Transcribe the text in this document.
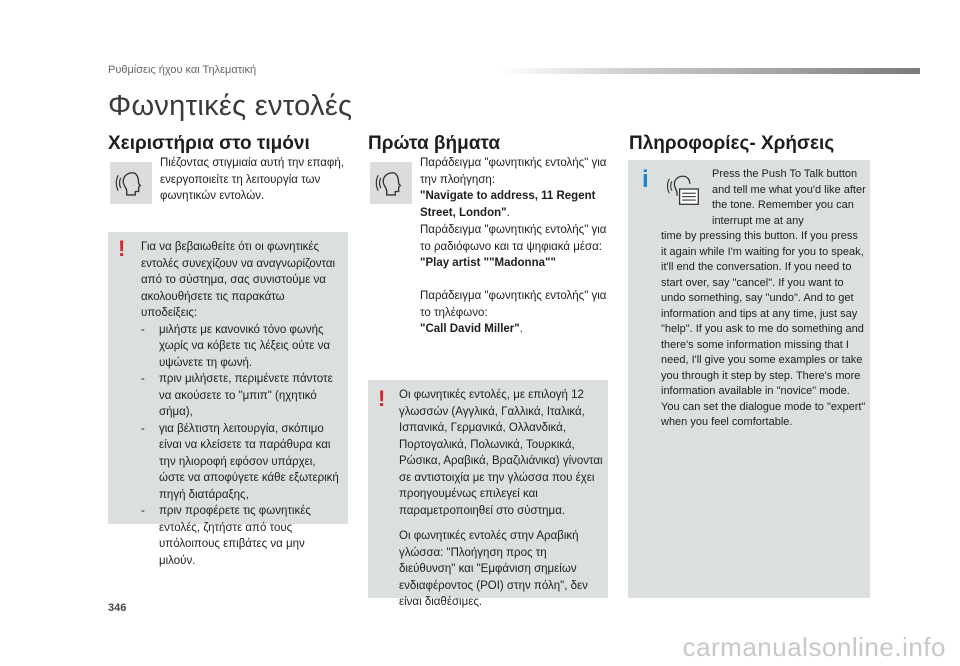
Ρυθμίσεις ήχου και Τηλεματική
Φωνητικές εντολές
Χειριστήρια στο τιμόνι
Πιέζοντας στιγμιαία αυτή την επαφή, ενεργοποιείτε τη λειτουργία των φωνητικών εντολών.
! Για να βεβαιωθείτε ότι οι φωνητικές εντολές συνεχίζουν να αναγνωρίζονται από το σύστημα, σας συνιστούμε να ακολουθήσετε τις παρακάτω υποδείξεις:
- μιλήστε με κανονικό τόνο φωνής χωρίς να κόβετε τις λέξεις ούτε να υψώνετε τη φωνή.
- πριν μιλήσετε, περιμένετε πάντοτε να ακούσετε το "μπιπ" (ηχητικό σήμα),
- για βέλτιστη λειτουργία, σκόπιμο είναι να κλείσετε τα παράθυρα και την ηλιοροφή εφόσον υπάρχει, ώστε να αποφύγετε κάθε εξωτερική πηγή διατάραξης,
- πριν προφέρετε τις φωνητικές εντολές, ζητήστε από τους υπόλοιπους επιβάτες να μην μιλούν.
Πρώτα βήματα
Παράδειγμα "φωνητικής εντολής" για την πλοήγηση:
"Navigate to address, 11 Regent Street, London".
Παράδειγμα "φωνητικής εντολής" για το ραδιόφωνο και τα ψηφιακά μέσα:
"Play artist ""Madonna""
Παράδειγμα "φωνητικής εντολής" για το τηλέφωνο:
"Call David Miller".
! Οι φωνητικές εντολές, με επιλογή 12 γλωσσών (Αγγλικά, Γαλλικά, Ιταλικά, Ισπανικά, Γερμανικά, Ολλανδικά, Πορτογαλικά, Πολωνικά, Τουρκικά, Ρώσικα, Αραβικά, Βραζιλιάνικα) γίνονται σε αντιστοιχία με την γλώσσα που έχει προηγουμένως επιλεγεί και παραμετροποιηθεί στο σύστημα.
Οι φωνητικές εντολές στην Αραβική γλώσσα: "Πλοήγηση προς τη διεύθυνση" και "Εμφάνιση σημείων ενδιαφέροντος (POI) στην πόλη", δεν είναι διαθέσιμες.
Πληροφορίες- Χρήσεις
i	Press the Push To Talk button and tell me what you'd like after the tone. Remember you can interrupt me at any
time by pressing this button. If you press it again while I'm waiting for you to speak, it'll end the conversation. If you need to start over, say "cancel". If you want to undo something, say "undo". And to get information and tips at any time, just say "help". If you ask to me do something and there's some information missing that I need, I'll give you some examples or take you through it step by step. There's more information available in "novice" mode. You can set the dialogue mode to "expert" when you feel comfortable.
346
carmanualsonline.info
